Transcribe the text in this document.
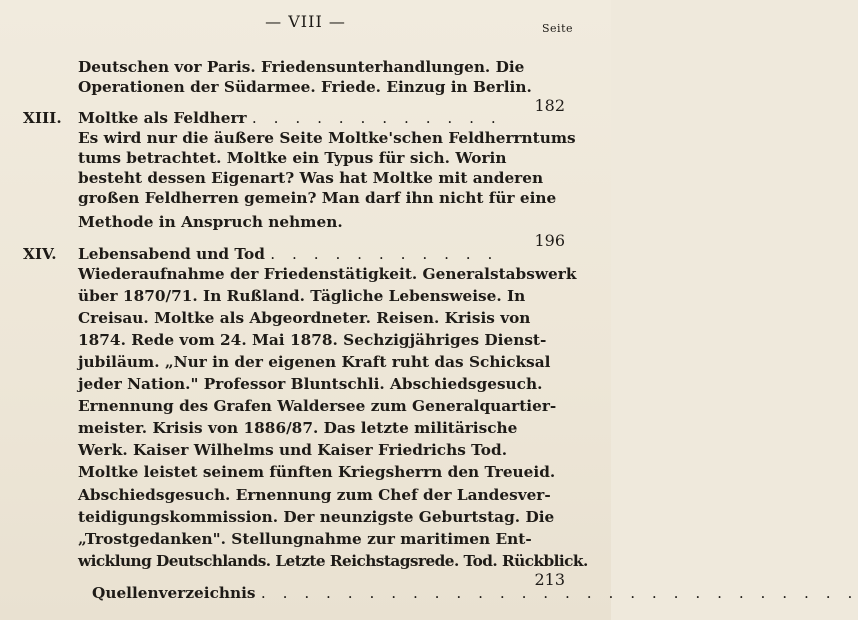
— VIII —	Seite
Deutschen vor Paris. Friedensunterhandlungen. Die
Operationen der Südarmee. Friede. Einzug in Berlin.
XIII. Moltke als Feldherr . . . . . . . . . . . .
182
Es wird nur die äußere Seite Moltke'schen Feldherrntums
tums betrachtet. Moltke ein Typus für sich. Worin
besteht dessen Eigenart? Was hat Moltke mit anderen
großen Feldherren gemein? Man darf ihn nicht für eine
Methode in Anspruch nehmen.
XIV. Lebensabend und Tod . . . . . . . . . . .
196
Wiederaufnahme der Friedenstätigkeit. Generalstabswerk
über 1870/71. In Rußland. Tägliche Lebensweise. In
Creisau. Moltke als Abgeordneter. Reisen. Krisis von
1874. Rede vom 24. Mai 1878. Sechzigjähriges Dienst-
jubiläum. „Nur in der eigenen Kraft ruht das Schicksal
jeder Nation." Professor Bluntschli. Abschiedsgesuch.
Ernennung des Grafen Waldersee zum Generalquartier-
meister. Krisis von 1886/87. Das letzte militärische
Werk. Kaiser Wilhelms und Kaiser Friedrichs Tod.
Moltke leistet seinem fünften Kriegsherrn den Treueid.
Abschiedsgesuch. Ernennung zum Chef der Landesver-
teidigungskommission. Der neunzigste Geburtstag. Die
„Trostgedanken". Stellungnahme zur maritimen Ent-
wicklung Deutschlands. Letzte Reichstagsrede. Tod. Rückblick.
Quellenverzeichnis . . . . . . . . . . . . . . . . . . . . . . . . . . . .
213
